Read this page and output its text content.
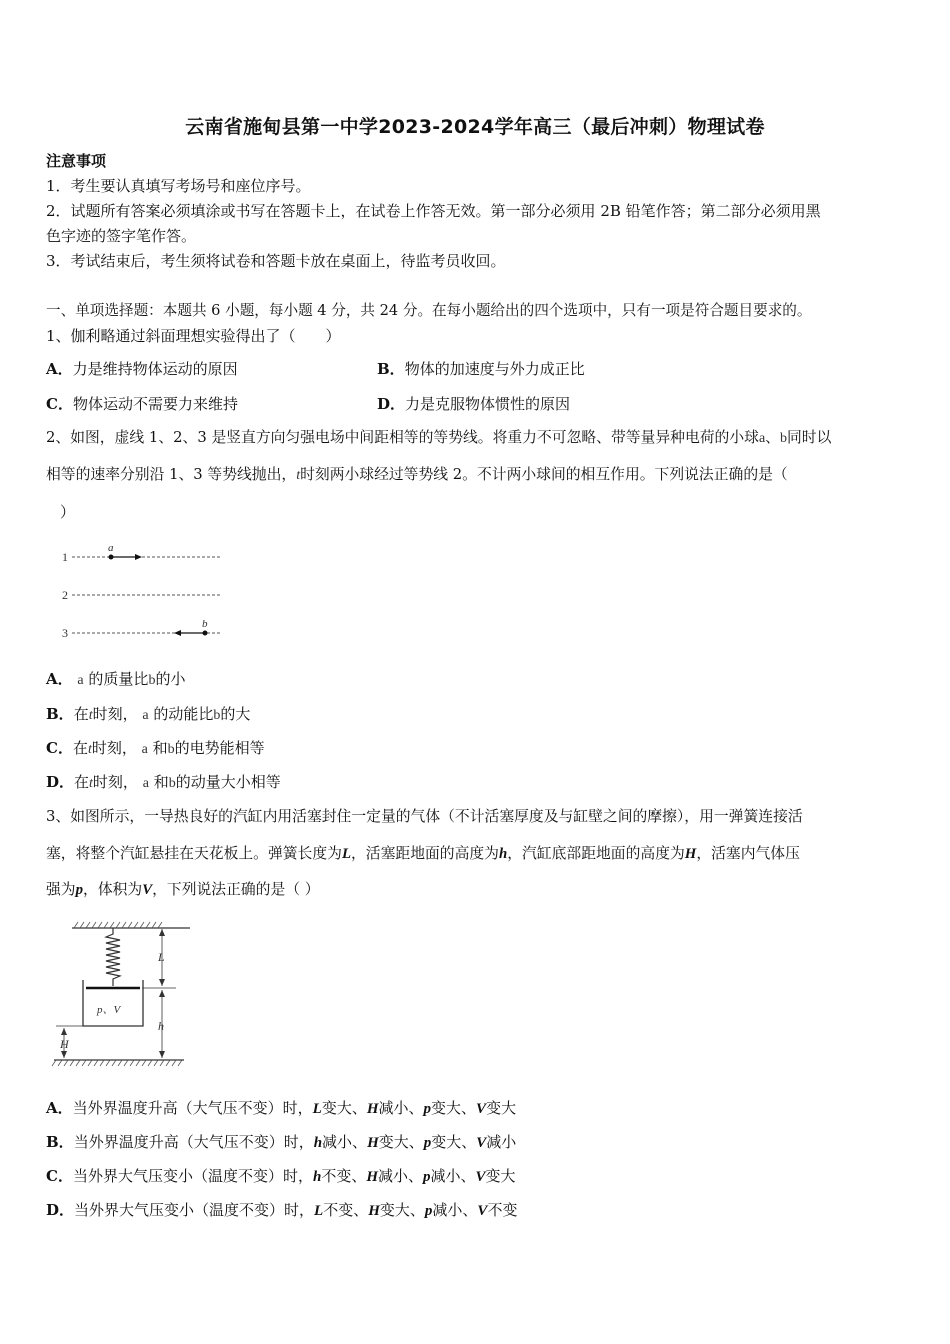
云南省施甸县第一中学2023-2024学年高三（最后冲刺）物理试卷
注意事项
1．考生要认真填写考场号和座位序号。
2．试题所有答案必须填涂或书写在答题卡上，在试卷上作答无效。第一部分必须用 2B 铅笔作答；第二部分必须用黑
色字迹的签字笔作答。
3．考试结束后，考生须将试卷和答题卡放在桌面上，待监考员收回。
一、单项选择题：本题共 6 小题，每小题 4 分，共 24 分。在每小题给出的四个选项中，只有一项是符合题目要求的。
1、伽利略通过斜面理想实验得出了（　　）
A．力是维持物体运动的原因	B．物体的加速度与外力成正比
C．物体运动不需要力来维持	D．力是克服物体惯性的原因
2、如图，虚线 1、2、3 是竖直方向匀强电场中间距相等的等势线。将重力不可忽略、带等量异种电荷的小球a、b同时以
相等的速率分别沿 1、3 等势线抛出，t时刻两小球经过等势线 2。不计两小球间的相互作用。下列说法正确的是（
）
1
2
3
a
b
A． a 的质量比b的小
B．在t时刻， a 的动能比b的大
C．在t时刻， a 和b的电势能相等
D．在t时刻， a 和b的动量大小相等
3、如图所示，一导热良好的汽缸内用活塞封住一定量的气体（不计活塞厚度及与缸壁之间的摩擦），用一弹簧连接活
塞，将整个汽缸悬挂在天花板上。弹簧长度为L，活塞距地面的高度为h，汽缸底部距地面的高度为H，活塞内气体压
强为p，体积为V，下列说法正确的是（ ）
p、V
L
h
H
A．当外界温度升高（大气压不变）时，L变大、H减小、p变大、V变大
B．当外界温度升高（大气压不变）时，h减小、H变大、p变大、V减小
C．当外界大气压变小（温度不变）时，h不变、H减小、p减小、V变大
D．当外界大气压变小（温度不变）时，L不变、H变大、p减小、V不变
